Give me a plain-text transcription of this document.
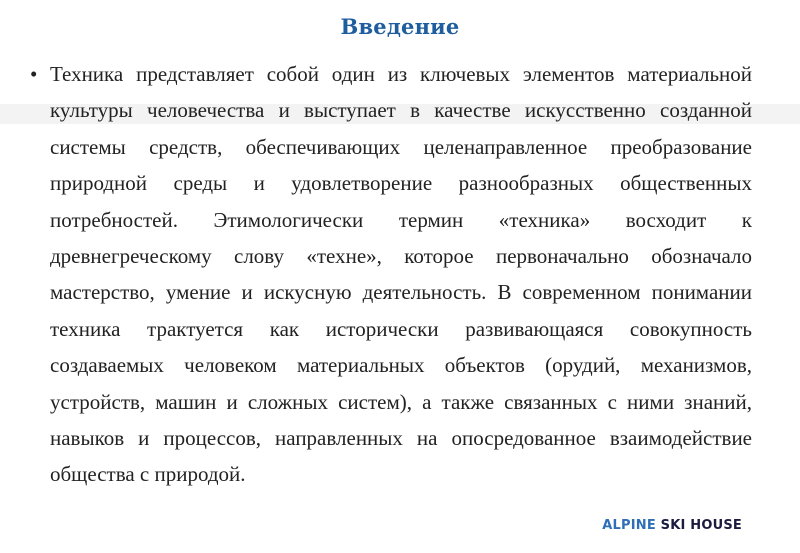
Введение
• Техника представляет собой один из ключевых элементов материальной культуры человечества и выступает в качестве искусственно созданной системы средств, обеспечивающих целенаправленное преобразование природной среды и удовлетворение разнообразных общественных потребностей. Этимологически термин «техника» восходит к древнегреческому слову «техне», которое первоначально обозначало мастерство, умение и искусную деятельность. В современном понимании техника трактуется как исторически развивающаяся совокупность создаваемых человеком материальных объектов (орудий, механизмов, устройств, машин и сложных систем), а также связанных с ними знаний, навыков и процессов, направленных на опосредованное взаимодействие общества с природой.

ALPINE SKI HOUSE
